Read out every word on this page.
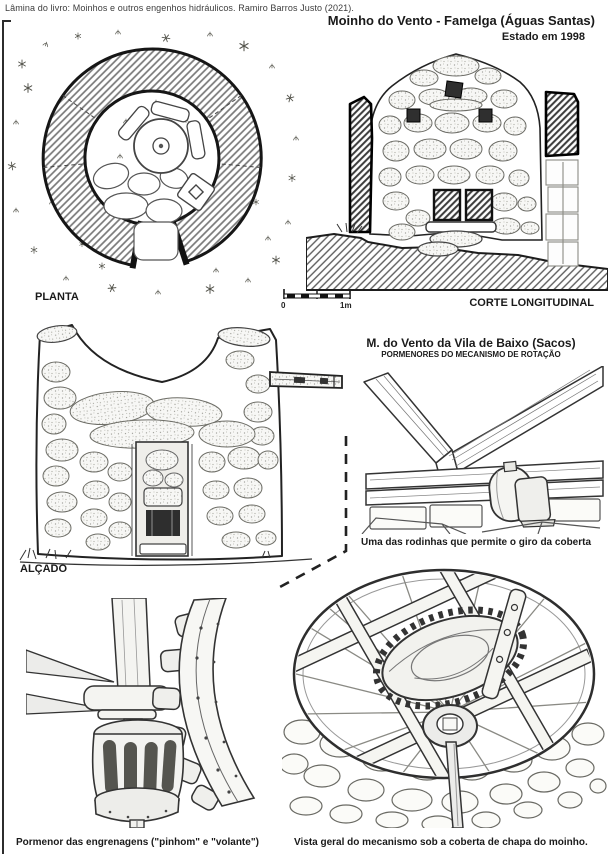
Lâmina do livro: Moinhos e outros engenhos hidráulicos. Ramiro Barros Justo (2021).
Moinho do Vento - Famelga (Águas Santas)
Estado em 1998
PLANTA	CORTE LONGITUDINAL
ALÇADO
0	1m
M. do Vento da Vila de Baixo (Sacos)
PORMENORES DO MECANISMO DE ROTAÇÃO
Uma das rodinhas que permite o giro da coberta
Pormenor das engrenagens ("pinhom" e "volante")	Vista geral do mecanismo sob a coberta de chapa do moinho.
